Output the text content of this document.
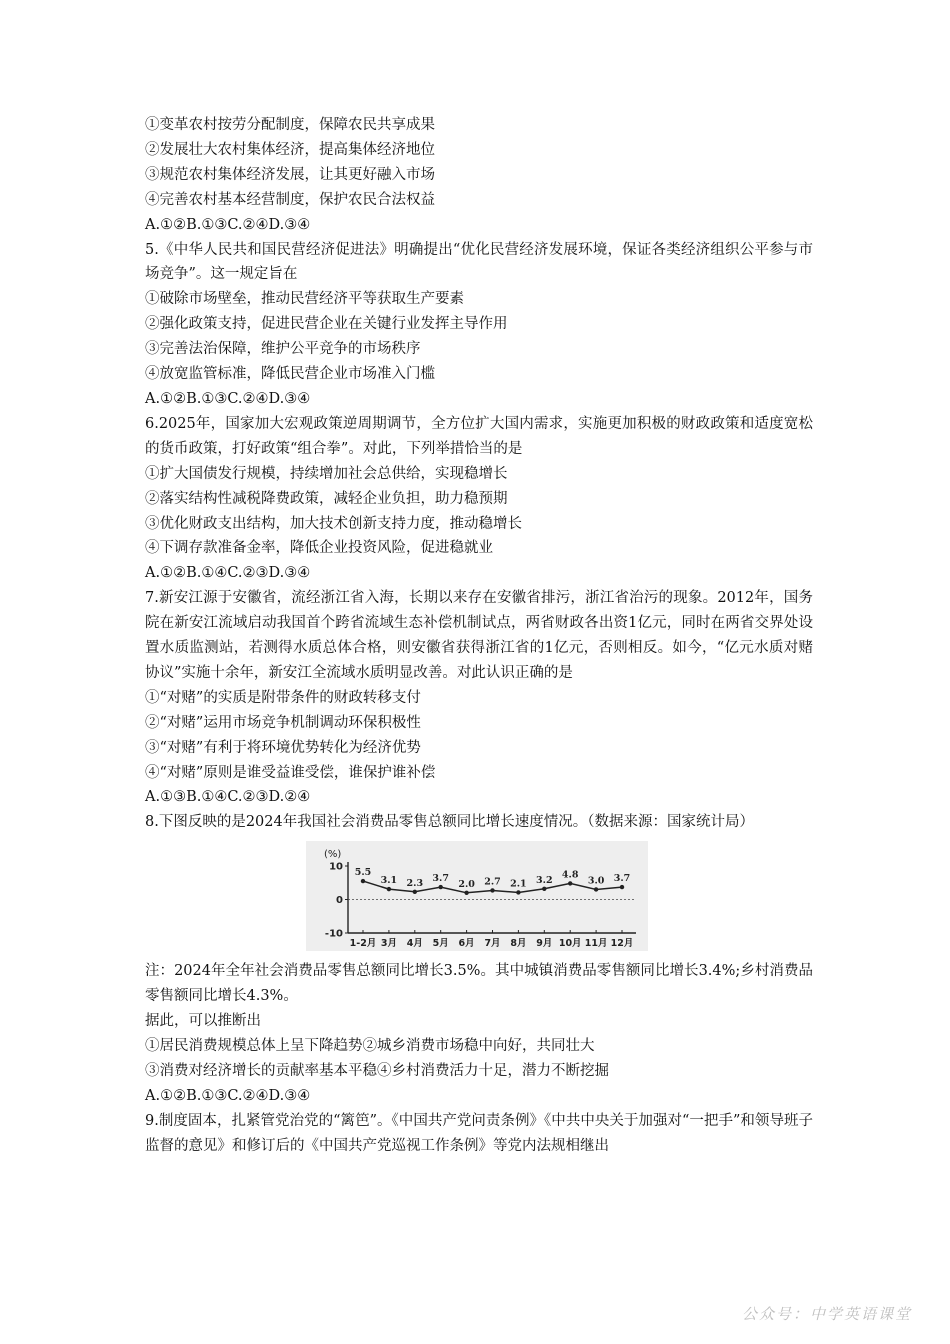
①变革农村按劳分配制度，保障农民共享成果
②发展壮大农村集体经济，提高集体经济地位
③规范农村集体经济发展，让其更好融入市场
④完善农村基本经营制度，保护农民合法权益
A.①②B.①③C.②④D.③④
5.《中华人民共和国民营经济促进法》明确提出“优化民营经济发展环境，保证各类经济组织公平参与市场竞争”。这一规定旨在
①破除市场壁垒，推动民营经济平等获取生产要素
②强化政策支持，促进民营企业在关键行业发挥主导作用
③完善法治保障，维护公平竞争的市场秩序
④放宽监管标准，降低民营企业市场准入门槛
A.①②B.①③C.②④D.③④
6.2025年，国家加大宏观政策逆周期调节，全方位扩大国内需求，实施更加积极的财政政策和适度宽松的货币政策，打好政策“组合拳”。对此，下列举措恰当的是
①扩大国债发行规模，持续增加社会总供给，实现稳增长
②落实结构性减税降费政策，减轻企业负担，助力稳预期
③优化财政支出结构，加大技术创新支持力度，推动稳增长
④下调存款准备金率，降低企业投资风险，促进稳就业
A.①②B.①④C.②③D.③④
7.新安江源于安徽省，流经浙江省入海，长期以来存在安徽省排污，浙江省治污的现象。2012年，国务院在新安江流域启动我国首个跨省流域生态补偿机制试点，两省财政各出资1亿元，同时在两省交界处设置水质监测站，若测得水质总体合格，则安徽省获得浙江省的1亿元，否则相反。如今，“亿元水质对赌协议”实施十余年，新安江全流域水质明显改善。对此认识正确的是
①“对赌”的实质是附带条件的财政转移支付
②“对赌”运用市场竞争机制调动环保积极性
③“对赌”有利于将环境优势转化为经济优势
④“对赌”原则是谁受益谁受偿，谁保护谁补偿
A.①③B.①④C.②③D.②④
8.下图反映的是2024年我国社会消费品零售总额同比增长速度情况。（数据来源：国家统计局）
(%)
10
0
-10
5.5
1-2月
3.1
3月
2.3
4月
3.7
5月
2.0
6月
2.7
7月
2.1
8月
3.2
9月
4.8
10月
3.0
11月
3.7
12月
注：2024年全年社会消费品零售总额同比增长3.5%。其中城镇消费品零售额同比增长3.4%;乡村消费品零售额同比增长4.3%。
据此，可以推断出
①居民消费规模总体上呈下降趋势②城乡消费市场稳中向好，共同壮大
③消费对经济增长的贡献率基本平稳④乡村消费活力十足，潜力不断挖掘
A.①②B.①③C.②④D.③④
9.制度固本，扎紧管党治党的“篱笆”。《中国共产党问责条例》《中共中央关于加强对“一把手”和领导班子监督的意见》和修订后的《中国共产党巡视工作条例》等党内法规相继出
公众号：中学英语课堂
